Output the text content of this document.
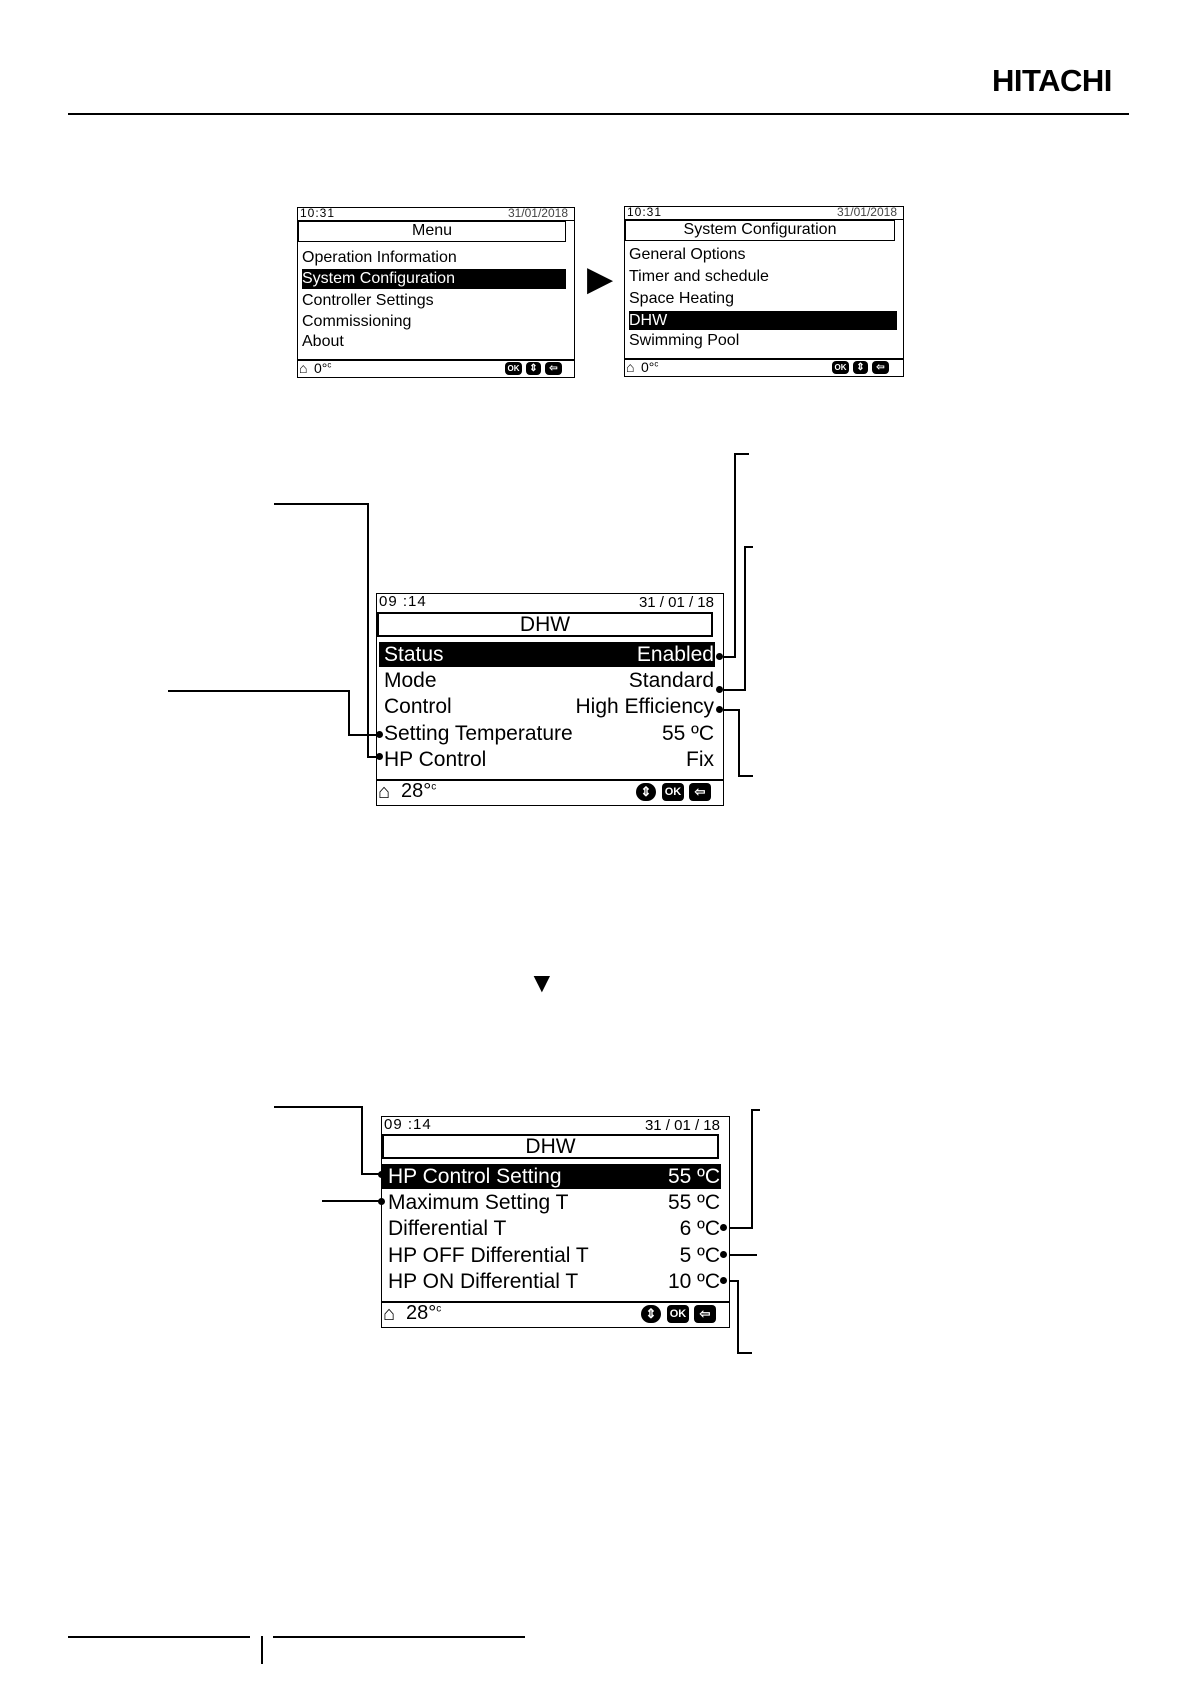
HITACHI
10:31	31/01/2018
Menu
Operation Information
System Configuration
Controller Settings
Commissioning
About
⌂ 0°$^c$	OK ⇕	⇦
▶
10:31	31/01/2018
System Configuration
General Options
Timer and schedule
Space Heating
DHW
Swimming Pool
⌂ 0°$^c$	OK ⇕	⇦
09 :14	31 / 01 / 18
DHW
Status	Enabled
Mode	Standard
Control	High Efficiency
Setting Temperature	55 ºC
HP Control	Fix
⌂ 28°$^c$	⇕	OK	⇦
▼
09 :14	31 / 01 / 18
DHW
HP Control Setting	55 ºC
Maximum Setting T	55 ºC
Differential T	6 ºC
HP OFF Differential T	5 ºC
HP ON Differential T	10 ºC
⌂ 28°$^c$	⇕	OK	⇦
